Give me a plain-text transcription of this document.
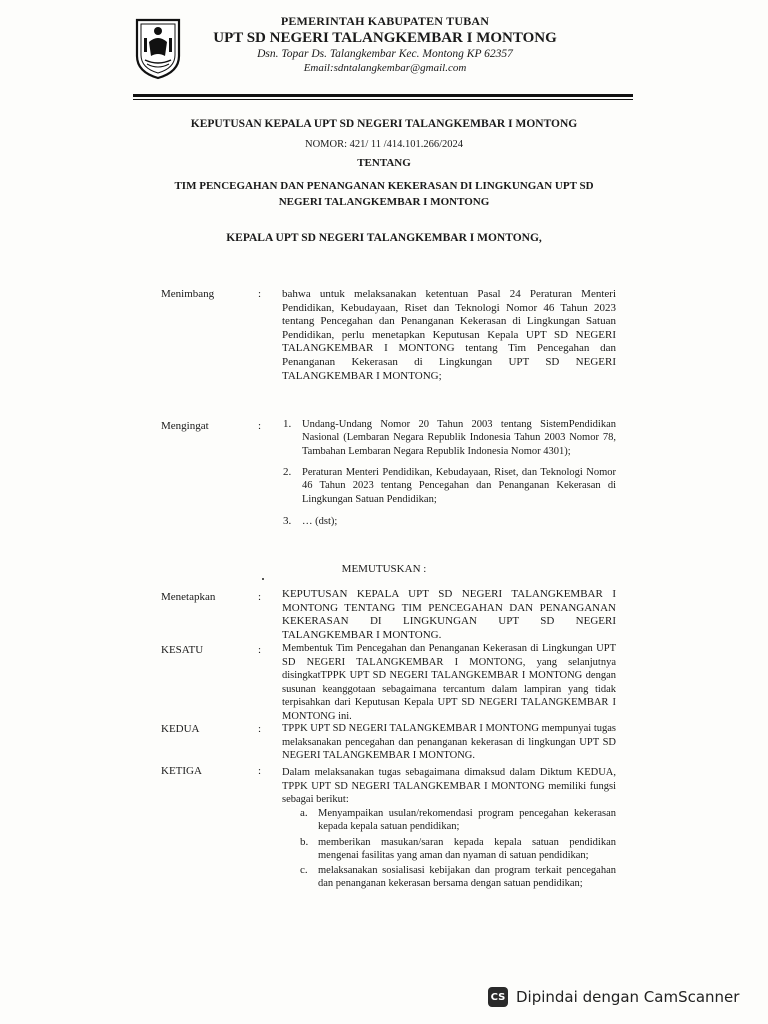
PEMERINTAH KABUPATEN TUBAN
UPT SD NEGERI TALANGKEMBAR I MONTONG
Dsn. Topar Ds. Talangkembar Kec. Montong KP 62357
Email:sdntalangkembar@gmail.com
KEPUTUSAN KEPALA UPT SD NEGERI TALANGKEMBAR I MONTONG
NOMOR: 421/ 11 /414.101.266/2024
TENTANG
TIM PENCEGAHAN DAN PENANGANAN KEKERASAN DI LINGKUNGAN UPT SD
NEGERI TALANGKEMBAR I MONTONG
KEPALA UPT SD NEGERI TALANGKEMBAR I MONTONG,
Menimbang	: bahwa untuk melaksanakan ketentuan Pasal 24 Peraturan Menteri Pendidikan, Kebudayaan, Riset dan Teknologi Nomor 46 Tahun 2023 tentang Pencegahan dan Penanganan Kekerasan di Lingkungan Satuan Pendidikan, perlu menetapkan Keputusan Kepala UPT SD NEGERI TALANGKEMBAR I MONTONG tentang Tim Pencegahan dan Penanganan Kekerasan di Lingkungan UPT SD NEGERI TALANGKEMBAR I MONTONG;
Mengingat	: 1. Undang-Undang Nomor 20 Tahun 2003 tentang SistemPendidikan Nasional (Lembaran Negara Republik Indonesia Tahun 2003 Nomor 78, Tambahan Lembaran Negara Republik Indonesia Nomor 4301);
2. Peraturan Menteri Pendidikan, Kebudayaan, Riset, dan Teknologi Nomor 46 Tahun 2023 tentang Pencegahan dan Penanganan Kekerasan di Lingkungan Satuan Pendidikan;
3. … (dst);
MEMUTUSKAN :
Menetapkan	: KEPUTUSAN KEPALA UPT SD NEGERI TALANGKEMBAR I MONTONG TENTANG TIM PENCEGAHAN DAN PENANGANAN KEKERASAN DI LINGKUNGAN UPT SD NEGERI TALANGKEMBAR I MONTONG.
KESATU	: Membentuk Tim Pencegahan dan Penanganan Kekerasan di Lingkungan UPT SD NEGERI TALANGKEMBAR I MONTONG, yang selanjutnya disingkatTPPK UPT SD NEGERI TALANGKEMBAR I MONTONG dengan susunan keanggotaan sebagaimana tercantum dalam lampiran yang tidak terpisahkan dari Keputusan Kepala UPT SD NEGERI TALANGKEMBAR I MONTONG ini.
KEDUA	: TPPK UPT SD NEGERI TALANGKEMBAR I MONTONG mempunyai tugas melaksanakan pencegahan dan penanganan kekerasan di lingkungan UPT SD NEGERI TALANGKEMBAR I MONTONG.
KETIGA	: Dalam melaksanakan tugas sebagaimana dimaksud dalam Diktum KEDUA, TPPK UPT SD NEGERI TALANGKEMBAR I MONTONG memiliki fungsi sebagai berikut:
a. Menyampaikan usulan/rekomendasi program pencegahan kekerasan kepada kepala satuan pendidikan;
b. memberikan masukan/saran kepada kepala satuan pendidikan mengenai fasilitas yang aman dan nyaman di satuan pendidikan;
c. melaksanakan sosialisasi kebijakan dan program terkait pencegahan dan penanganan kekerasan bersama dengan satuan pendidikan;
CS Dipindai dengan CamScanner
